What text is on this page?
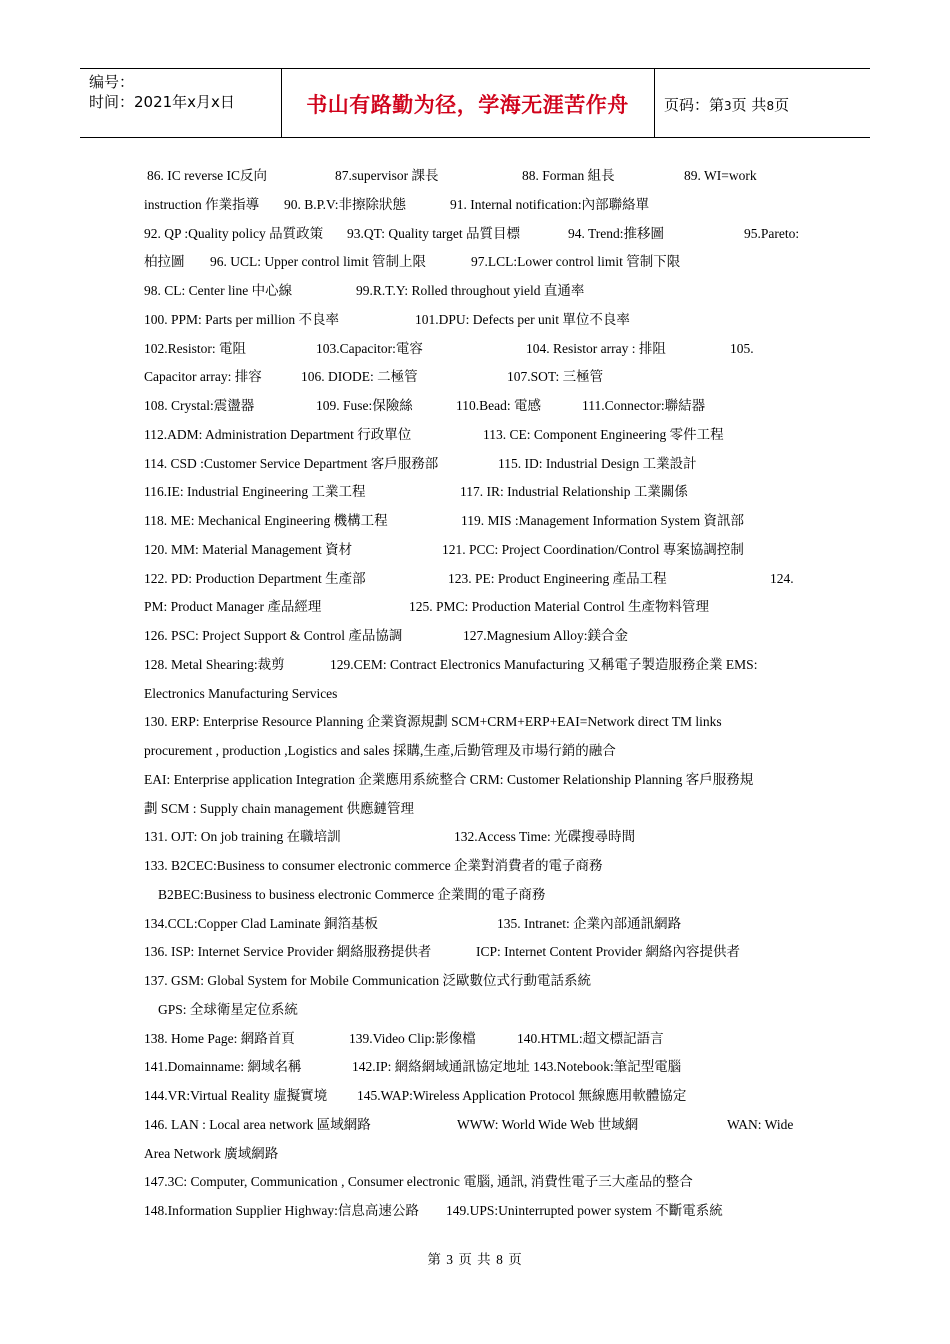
编号：
时间：2021年x月x日	书山有路勤为径，学海无涯苦作舟	页码：第3页 共8页
86. IC reverse IC反向	87.supervisor 課長	88. Forman 組長	89. WI=work
instruction 作業指導 90. B.P.V:非擦除狀態	91. Internal notification:內部聯絡單
92. QP :Quality policy 品質政策 93.QT: Quality target 品質目標	94. Trend:推移圖	95.Pareto:
柏拉圖 96. UCL: Upper control limit 管制上限	97.LCL:Lower control limit 管制下限
98. CL: Center line 中心線	99.R.T.Y: Rolled throughout yield 直通率
100. PPM: Parts per million 不良率	101.DPU: Defects per unit 單位不良率
102.Resistor: 電阻	103.Capacitor:電容	104. Resistor array : 排阻	105.
Capacitor array: 排容	106. DIODE: 二極管	107.SOT: 三極管
108. Crystal:震盪器	109. Fuse:保險絲	110.Bead: 電感	111.Connector:聯結器
112.ADM: Administration Department 行政單位	113. CE: Component Engineering 零件工程
114. CSD :Customer Service Department 客戶服務部	115. ID: Industrial Design 工業設計
116.IE: Industrial Engineering 工業工程	117. IR: Industrial Relationship 工業關係
118. ME: Mechanical Engineering 機構工程	119. MIS :Management Information System 資訊部
120. MM: Material Management 資材	121. PCC: Project Coordination/Control 專案協調控制
122. PD: Production Department 生產部	123. PE: Product Engineering 產品工程	124.
PM: Product Manager 產品經理	125. PMC: Production Material Control 生產物料管理
126. PSC: Project Support & Control 產品協調	127.Magnesium Alloy:鎂合金
128. Metal Shearing:裁剪	129.CEM: Contract Electronics Manufacturing 又稱電子製造服務企業 EMS:
Electronics Manufacturing Services
130. ERP: Enterprise Resource Planning 企業資源規劃 SCM+CRM+ERP+EAI=Network direct TM links
procurement , production ,Logistics and sales 採購,生產,后勤管理及市場行銷的融合
EAI: Enterprise application Integration 企業應用系統整合 CRM: Customer Relationship Planning 客戶服務規
劃 SCM : Supply chain management 供應鏈管理
131. OJT: On job training 在職培訓	132.Access Time: 光碟搜尋時間
133. B2CEC:Business to consumer electronic commerce 企業對消費者的電子商務
B2BEC:Business to business electronic Commerce 企業間的電子商務
134.CCL:Copper Clad Laminate 銅箔基板	135. Intranet: 企業內部通訊網路
136. ISP: Internet Service Provider 網絡服務提供者	ICP: Internet Content Provider 網絡內容提供者
137. GSM: Global System for Mobile Communication 泛歐數位式行動電話系統
GPS: 全球衛星定位系統
138. Home Page: 網路首頁	139.Video Clip:影像檔	140.HTML:超文標記語言
141.Domainname: 網域名稱	142.IP: 網絡網域通訊協定地址 143.Notebook:筆記型電腦
144.VR:Virtual Reality 虛擬實境 145.WAP:Wireless Application Protocol 無線應用軟體協定
146. LAN : Local area network 區域網路	WWW: World Wide Web 世域網	WAN: Wide
Area Network 廣域網路
147.3C: Computer, Communication , Consumer electronic 電腦, 通訊, 消費性電子三大產品的整合
148.Information Supplier Highway:信息高速公路 149.UPS:Uninterrupted power system 不斷電系統
第 3 页 共 8 页
